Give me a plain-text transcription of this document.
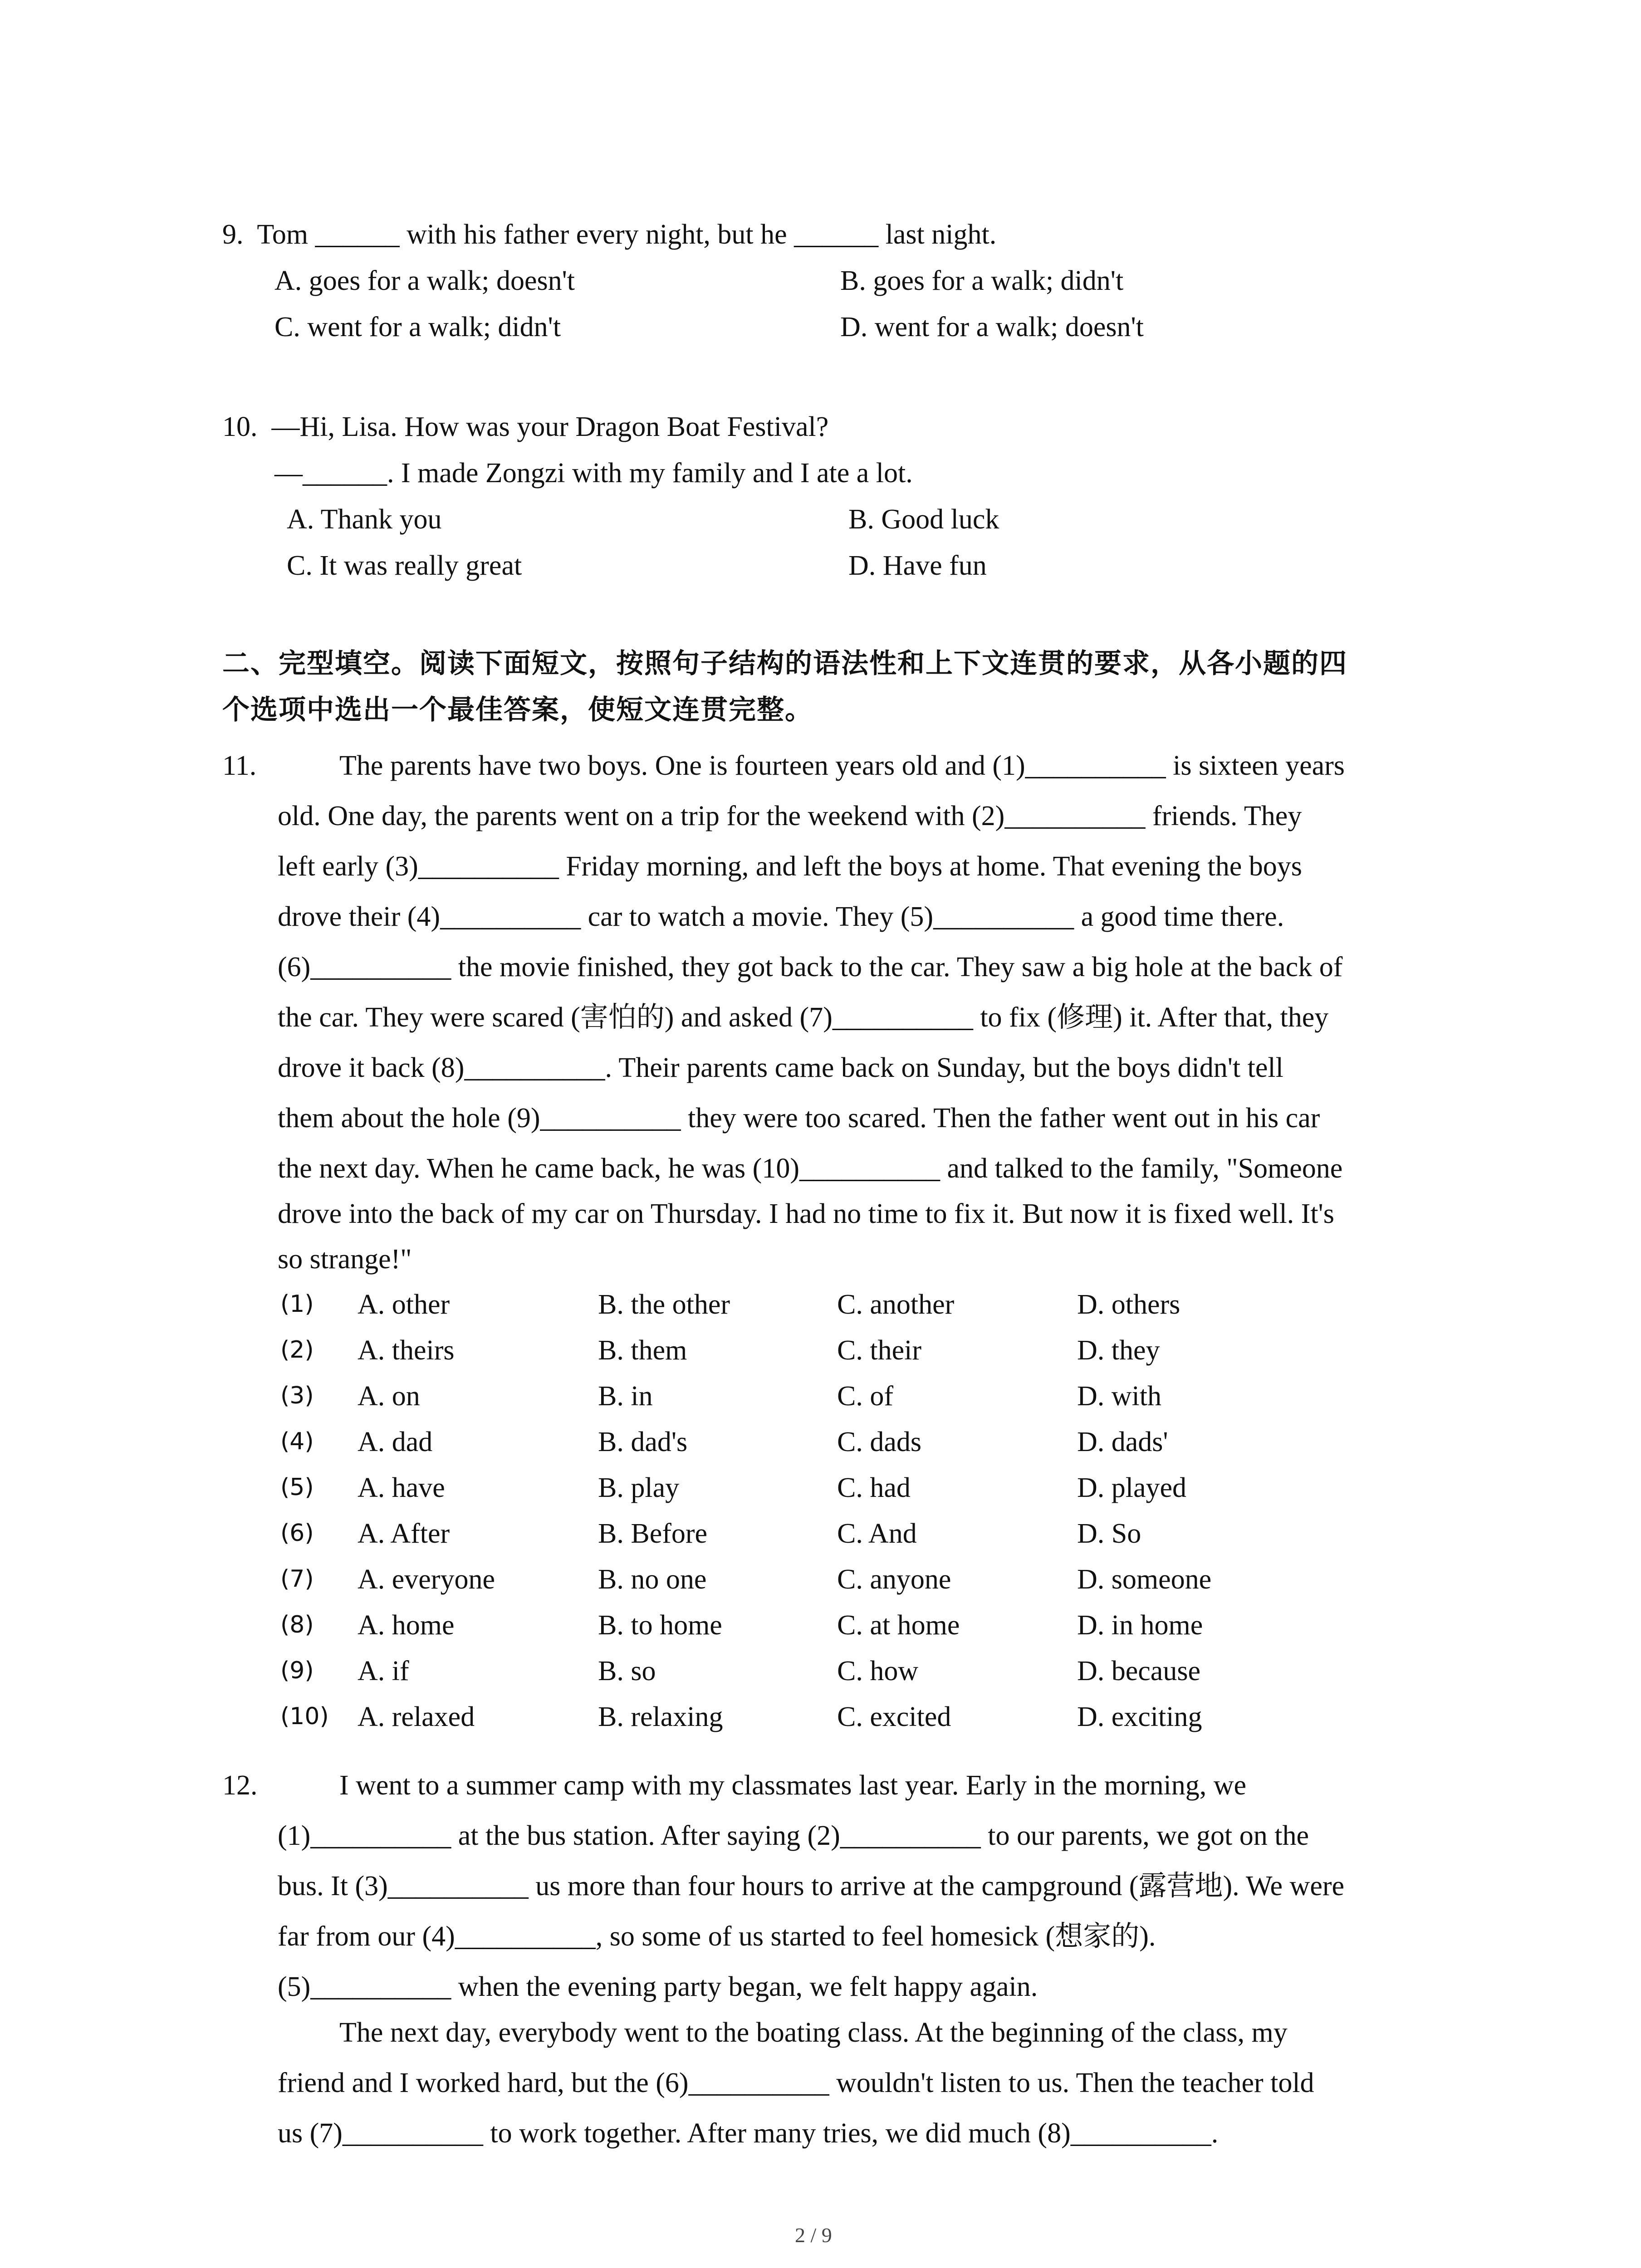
9.  Tom ______ with his father every night, but he ______ last night.
A. goes for a walk; doesn't	B. goes for a walk; didn't
C. went for a walk; didn't	D. went for a walk; doesn't
10.  —Hi, Lisa. How was your Dragon Boat Festival?
—______. I made Zongzi with my family and I ate a lot.
A. Thank you	B. Good luck
C. It was really great	D. Have fun
二、完型填空。阅读下面短文，按照句子结构的语法性和上下文连贯的要求，从各小题的四
个选项中选出一个最佳答案，使短文连贯完整。
11.	The parents have two boys. One is fourteen years old and (1)__________ is sixteen years
old. One day, the parents went on a trip for the weekend with (2)__________ friends. They
left early (3)__________ Friday morning, and left the boys at home. That evening the boys
drove their (4)__________ car to watch a movie. They (5)__________ a good time there.
(6)__________ the movie finished, they got back to the car. They saw a big hole at the back of
the car. They were scared (害怕的) and asked (7)__________ to fix (修理) it. After that, they
drove it back (8)__________. Their parents came back on Sunday, but the boys didn't tell
them about the hole (9)__________ they were too scared. Then the father went out in his car
the next day. When he came back, he was (10)__________ and talked to the family, "Someone
drove into the back of my car on Thursday. I had no time to fix it. But now it is fixed well. It's
so strange!"
(1) A. other	B. the other	C. another	D. others
(2) A. theirs	B. them	C. their	D. they
(3) A. on	B. in	C. of	D. with
(4) A. dad	B. dad's	C. dads	D. dads'
(5) A. have	B. play	C. had	D. played
(6) A. After	B. Before	C. And	D. So
(7) A. everyone	B. no one	C. anyone	D. someone
(8) A. home	B. to home	C. at home	D. in home
(9) A. if	B. so	C. how	D. because
(10) A. relaxed	B. relaxing	C. excited	D. exciting
12.	I went to a summer camp with my classmates last year. Early in the morning, we
(1)__________ at the bus station. After saying (2)__________ to our parents, we got on the
bus. It (3)__________ us more than four hours to arrive at the campground (露营地). We were
far from our (4)__________, so some of us started to feel homesick (想家的).
(5)__________ when the evening party began, we felt happy again.
The next day, everybody went to the boating class. At the beginning of the class, my
friend and I worked hard, but the (6)__________ wouldn't listen to us. Then the teacher told
us (7)__________ to work together. After many tries, we did much (8)__________.
2 / 9
